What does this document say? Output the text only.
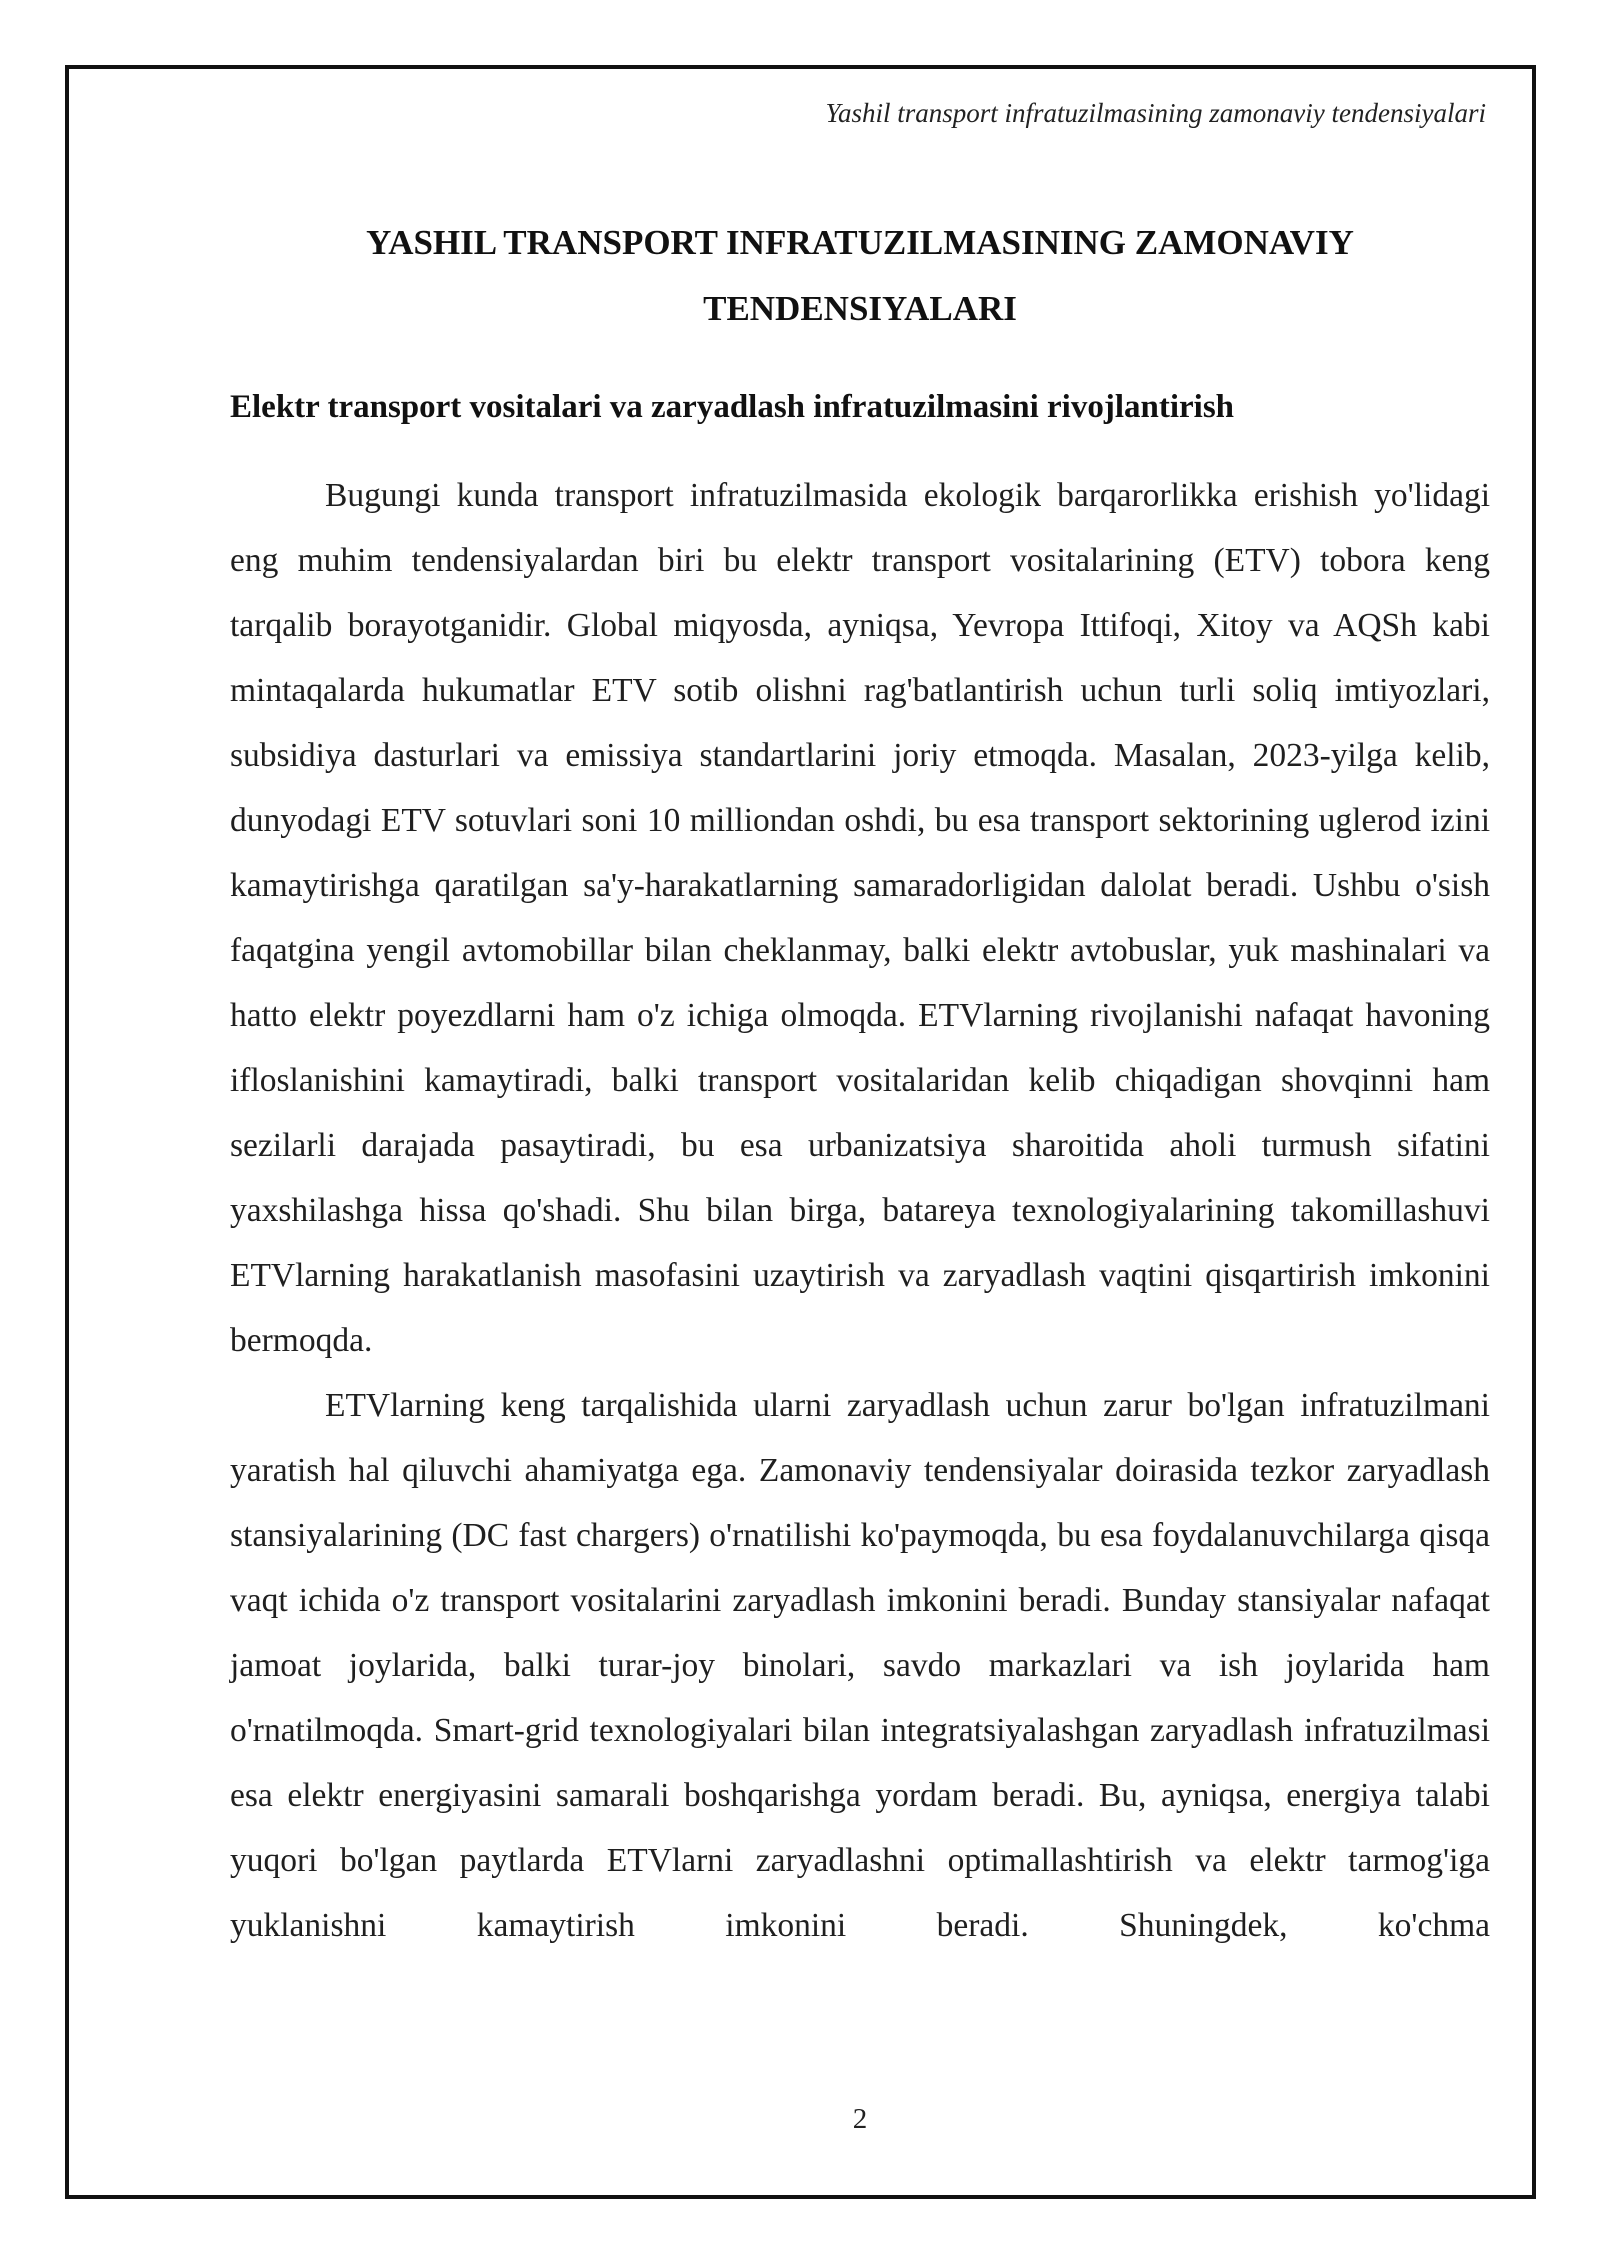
Yashil transport infratuzilmasining zamonaviy tendensiyalari
YASHIL TRANSPORT INFRATUZILMASINING ZAMONAVIY
TENDENSIYALARI
Elektr transport vositalari va zaryadlash infratuzilmasini rivojlantirish

Bugungi kunda transport infratuzilmasida ekologik barqarorlikka erishish yo'lidagi eng muhim tendensiyalardan biri bu elektr transport vositalarining (ETV) tobora keng tarqalib borayotganidir. Global miqyosda, ayniqsa, Yevropa Ittifoqi, Xitoy va AQSh kabi mintaqalarda hukumatlar ETV sotib olishni rag'batlantirish uchun turli soliq imtiyozlari, subsidiya dasturlari va emissiya standartlarini joriy etmoqda. Masalan, 2023-yilga kelib, dunyodagi ETV sotuvlari soni 10 milliondan oshdi, bu esa transport sektorining uglerod izini kamaytirishga qaratilgan sa'y-harakatlarning samaradorligidan dalolat beradi. Ushbu o'sish faqatgina yengil avtomobillar bilan cheklanmay, balki elektr avtobuslar, yuk mashinalari va hatto elektr poyezdlarni ham o'z ichiga olmoqda. ETVlarning rivojlanishi nafaqat havoning ifloslanishini kamaytiradi, balki transport vositalaridan kelib chiqadigan shovqinni ham sezilarli darajada pasaytiradi, bu esa urbanizatsiya sharoitida aholi turmush sifatini yaxshilashga hissa qo'shadi. Shu bilan birga, batareya texnologiyalarining takomillashuvi ETVlarning harakatlanish masofasini uzaytirish va zaryadlash vaqtini qisqartirish imkonini bermoqda.

ETVlarning keng tarqalishida ularni zaryadlash uchun zarur bo'lgan infratuzilmani yaratish hal qiluvchi ahamiyatga ega. Zamonaviy tendensiyalar doirasida tezkor zaryadlash stansiyalarining (DC fast chargers) o'rnatilishi ko'paymoqda, bu esa foydalanuvchilarga qisqa vaqt ichida o'z transport vositalarini zaryadlash imkonini beradi. Bunday stansiyalar nafaqat jamoat joylarida, balki turar-joy binolari, savdo markazlari va ish joylarida ham o'rnatilmoqda. Smart-grid texnologiyalari bilan integratsiyalashgan zaryadlash infratuzilmasi esa elektr energiyasini samarali boshqarishga yordam beradi. Bu, ayniqsa, energiya talabi yuqori bo'lgan paytlarda ETVlarni zaryadlashni optimallashtirish va elektr tarmog'iga yuklanishni kamaytirish imkonini beradi. Shuningdek, ko'chma

2
